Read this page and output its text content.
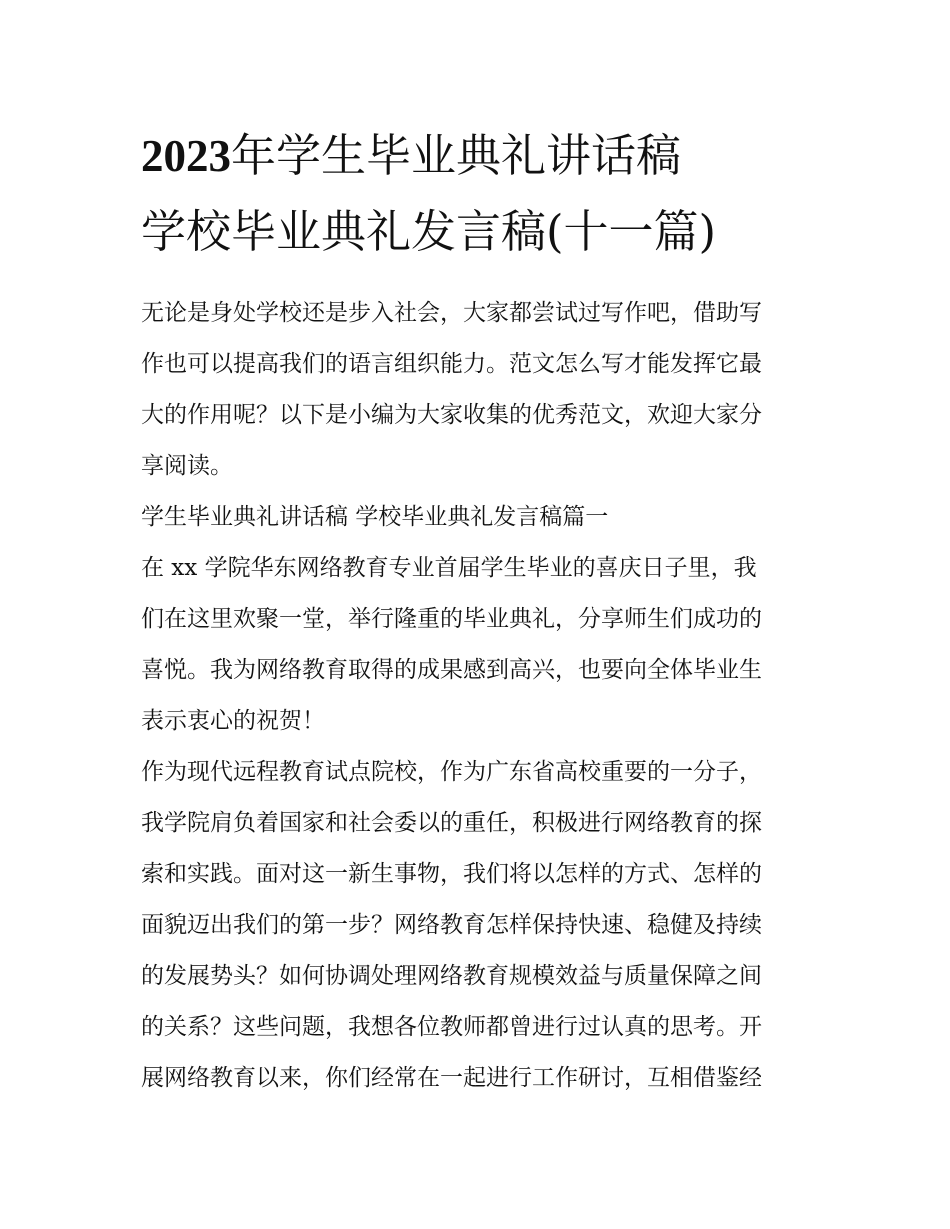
2023年学生毕业典礼讲话稿
学校毕业典礼发言稿(十一篇)
无论是身处学校还是步入社会，大家都尝试过写作吧，借助写
作也可以提高我们的语言组织能力。范文怎么写才能发挥它最
大的作用呢？以下是小编为大家收集的优秀范文，欢迎大家分
享阅读。
学生毕业典礼讲话稿 学校毕业典礼发言稿篇一
在 xx 学院华东网络教育专业首届学生毕业的喜庆日子里，我
们在这里欢聚一堂，举行隆重的毕业典礼，分享师生们成功的
喜悦。我为网络教育取得的成果感到高兴，也要向全体毕业生
表示衷心的祝贺！
作为现代远程教育试点院校，作为广东省高校重要的一分子，
我学院肩负着国家和社会委以的重任，积极进行网络教育的探
索和实践。面对这一新生事物，我们将以怎样的方式、怎样的
面貌迈出我们的第一步？网络教育怎样保持快速、稳健及持续
的发展势头？如何协调处理网络教育规模效益与质量保障之间
的关系？这些问题，我想各位教师都曾进行过认真的思考。开
展网络教育以来，你们经常在一起进行工作研讨，互相借鉴经
